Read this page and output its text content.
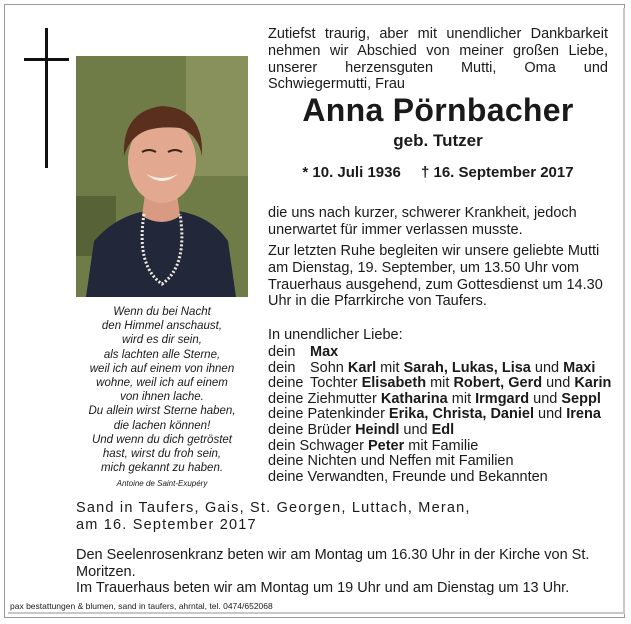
Wenn du bei Nacht
den Himmel anschaust,
wird es dir sein,
als lachten alle Sterne,
weil ich auf einem von ihnen
wohne, weil ich auf einem
von ihnen lache.
Du allein wirst Sterne haben,
die lachen können!
Und wenn du dich getröstet
hast, wirst du froh sein,
mich gekannt zu haben.
Antoine de Saint-Exupéry
Zutiefst traurig, aber mit unendlicher Dankbarkeit nehmen wir Abschied von meiner großen Liebe, unserer herzensguten Mutti, Oma und Schwiegermutti, Frau
Anna Pörnbacher
geb. Tutzer
* 10. Juli 1936 † 16. September 2017
die uns nach kurzer, schwerer Krankheit, jedoch unerwartet für immer verlassen musste.
Zur letzten Ruhe begleiten wir unsere geliebte Mutti am Dienstag, 19. September, um 13.50 Uhr vom Trauerhaus ausgehend, zum Gottesdienst um 14.30 Uhr in die Pfarrkirche von Taufers.
In unendlicher Liebe:
dein Max
dein Sohn Karl mit Sarah, Lukas, Lisa und Maxi
deine Tochter Elisabeth mit Robert, Gerd und Karin
deine Ziehmutter Katharina mit Irmgard und Seppl
deine Patenkinder Erika, Christa, Daniel und Irena
deine Brüder Heindl und Edl
dein Schwager Peter mit Familie
deine Nichten und Neffen mit Familien
deine Verwandten, Freunde und Bekannten
Sand in Taufers, Gais, St. Georgen, Luttach, Meran,
am 16. September 2017
Den Seelenrosenkranz beten wir am Montag um 16.30 Uhr in der Kirche von St. Moritzen.
Im Trauerhaus beten wir am Montag um 19 Uhr und am Dienstag um 13 Uhr.
pax bestattungen & blumen, sand in taufers, ahrntal, tel. 0474/652068
